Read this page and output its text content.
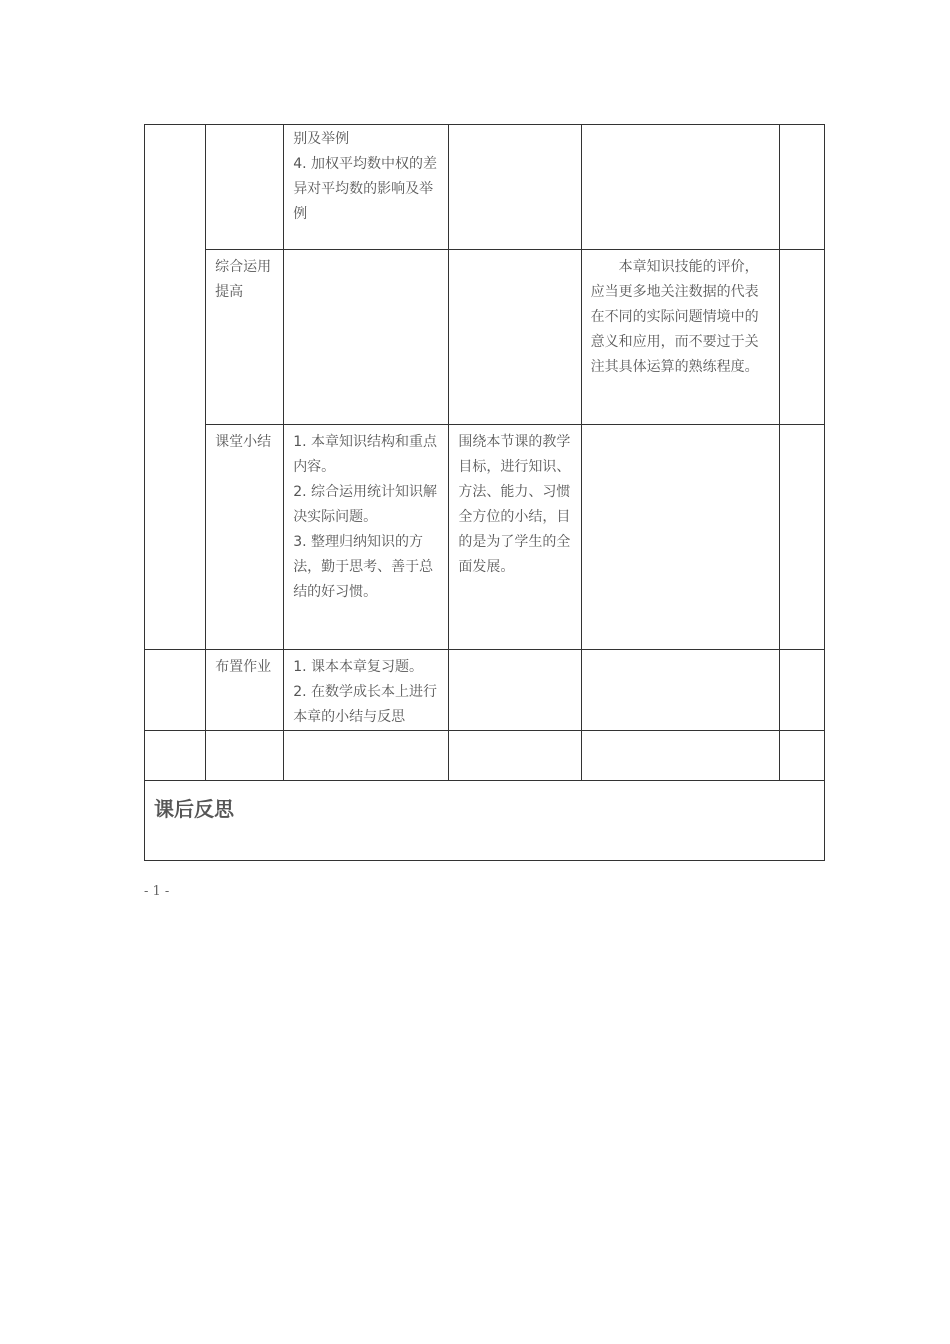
		别及举例
4. 加权平均数中权的差异对平均数的影响及举例			

	综合运用提高			本章知识技能的评价，应当更多地关注数据的代表在不同的实际问题情境中的意义和应用，而不要过于关注其具体运算的熟练程度。	

	课堂小结	1. 本章知识结构和重点内容。
2. 综合运用统计知识解决实际问题。
3. 整理归纳知识的方法，勤于思考、善于总结的好习惯。	围绕本节课的教学目标，进行知识、方法、能力、习惯全方位的小结，目的是为了学生的全面发展。		

	布置作业	1. 课本本章复习题。
2. 在数学成长本上进行本章的小结与反思			

课后反思					
- 1 -
